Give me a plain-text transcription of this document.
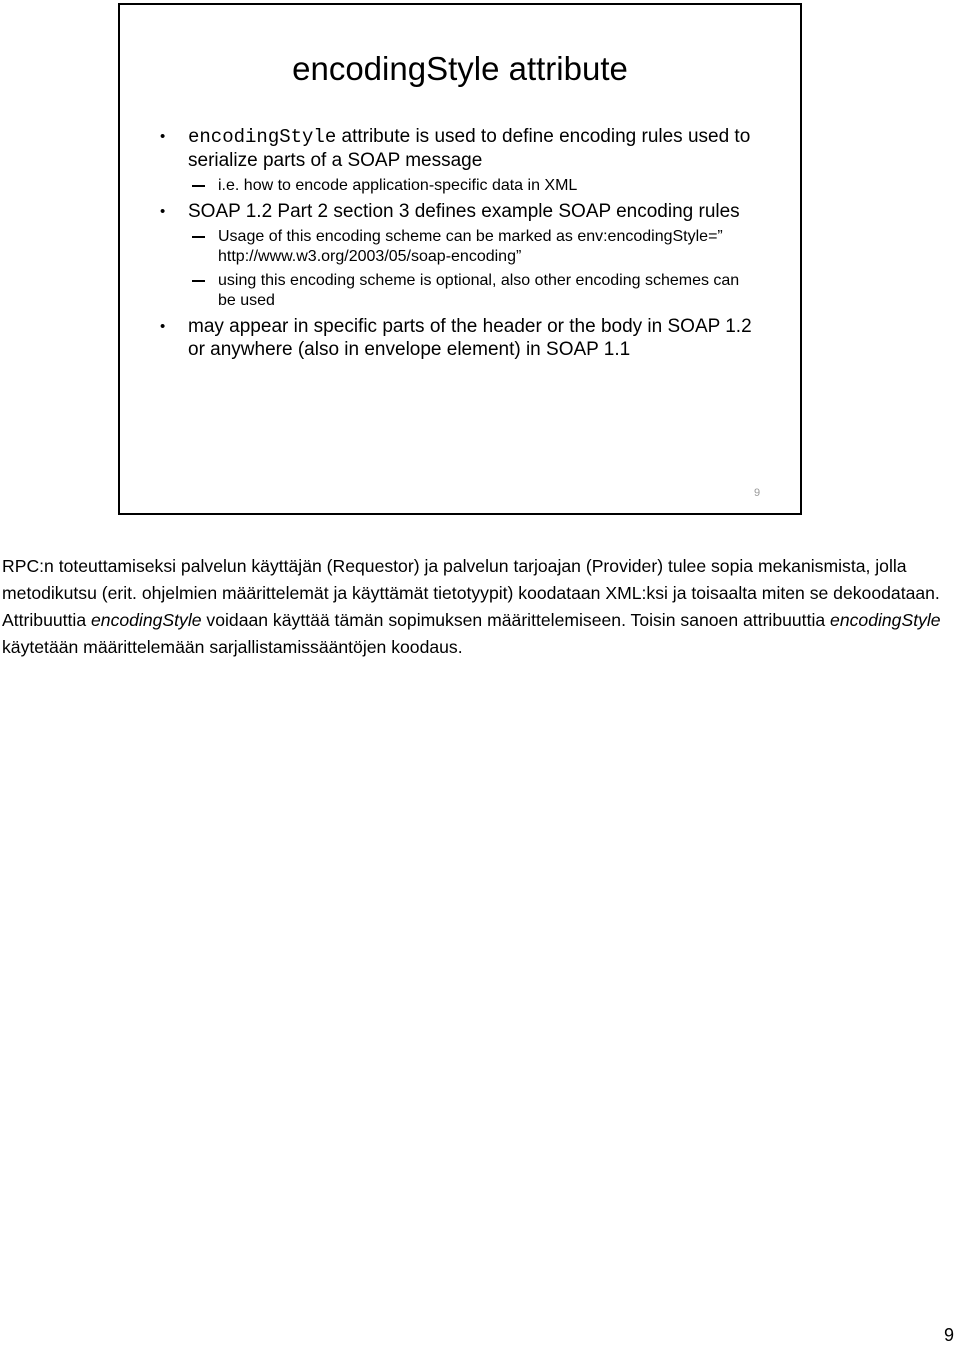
encodingStyle attribute
• encodingStyle attribute is used to define encoding rules used to serialize parts of a SOAP message
i.e. how to encode application-specific data in XML
• SOAP 1.2 Part 2 section 3 defines example SOAP encoding rules
Usage of this encoding scheme can be marked as env:encodingStyle=” http://www.w3.org/2003/05/soap-encoding”
using this encoding scheme is optional, also other encoding schemes can be used
• may appear in specific parts of the header or the body in SOAP 1.2 or anywhere (also in envelope element) in SOAP 1.1
9
RPC:n toteuttamiseksi palvelun käyttäjän (Requestor) ja palvelun tarjoajan (Provider) tulee sopia mekanismista, jolla metodikutsu (erit. ohjelmien määrittelemät ja käyttämät tietotyypit) koodataan XML:ksi ja toisaalta miten se dekoodataan. Attribuuttia encodingStyle voidaan käyttää tämän sopimuksen määrittelemiseen. Toisin sanoen attribuuttia encodingStyle käytetään määrittelemään sarjallistamissääntöjen koodaus.
9
